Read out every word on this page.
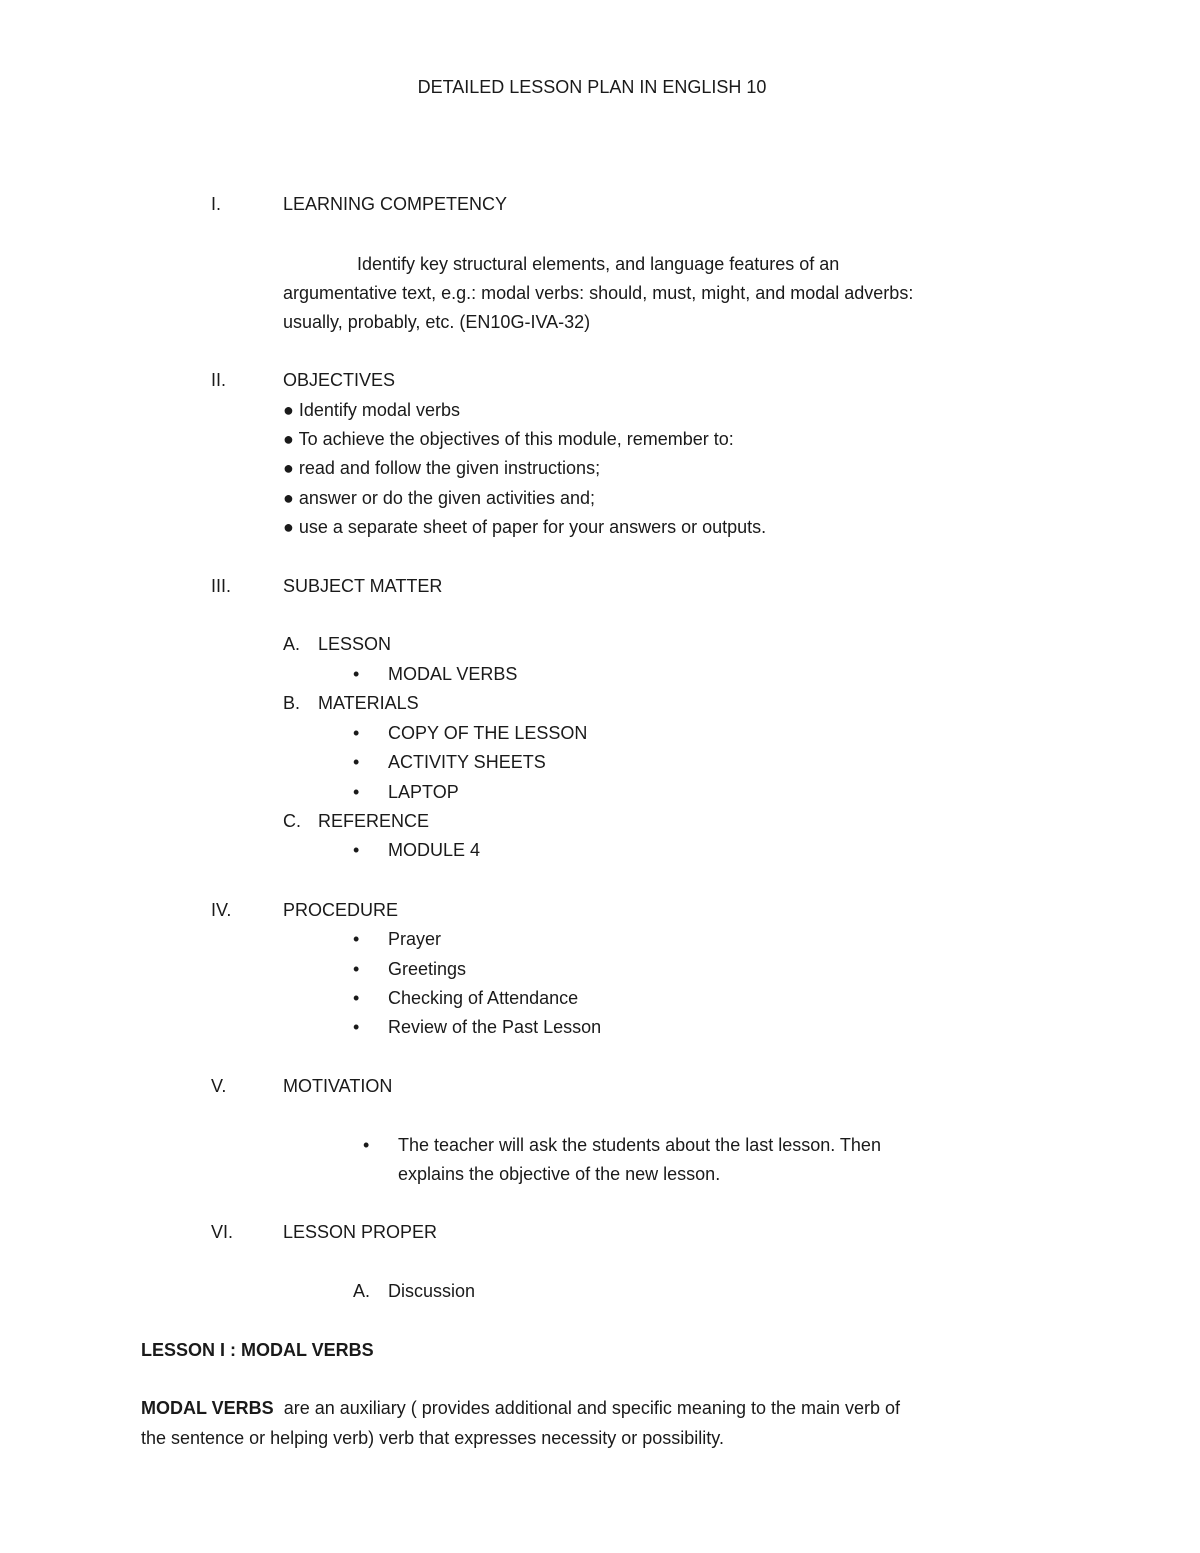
DETAILED LESSON PLAN IN ENGLISH 10

I.	LEARNING COMPETENCY

Identify key structural elements, and language features of an

argumentative text, e.g.: modal verbs: should, must, might, and modal adverbs:

usually, probably, etc. (EN10G-IVA-32)

II.	OBJECTIVES

● Identify modal verbs

● To achieve the objectives of this module, remember to:

● read and follow the given instructions;

● answer or do the given activities and;

● use a separate sheet of paper for your answers or outputs.

III.	SUBJECT MATTER

A. LESSON

• MODAL VERBS

B. MATERIALS

• COPY OF THE LESSON

• ACTIVITY SHEETS

• LAPTOP

C. REFERENCE

• MODULE 4

IV.	PROCEDURE

• Prayer

• Greetings

• Checking of Attendance

• Review of the Past Lesson

V.	MOTIVATION

• The teacher will ask the students about the last lesson. Then

explains the objective of the new lesson.

VI.	LESSON PROPER

A. Discussion

LESSON I : MODAL VERBS

MODAL VERBS are an auxiliary ( provides additional and specific meaning to the main verb of

the sentence or helping verb) verb that expresses necessity or possibility.
